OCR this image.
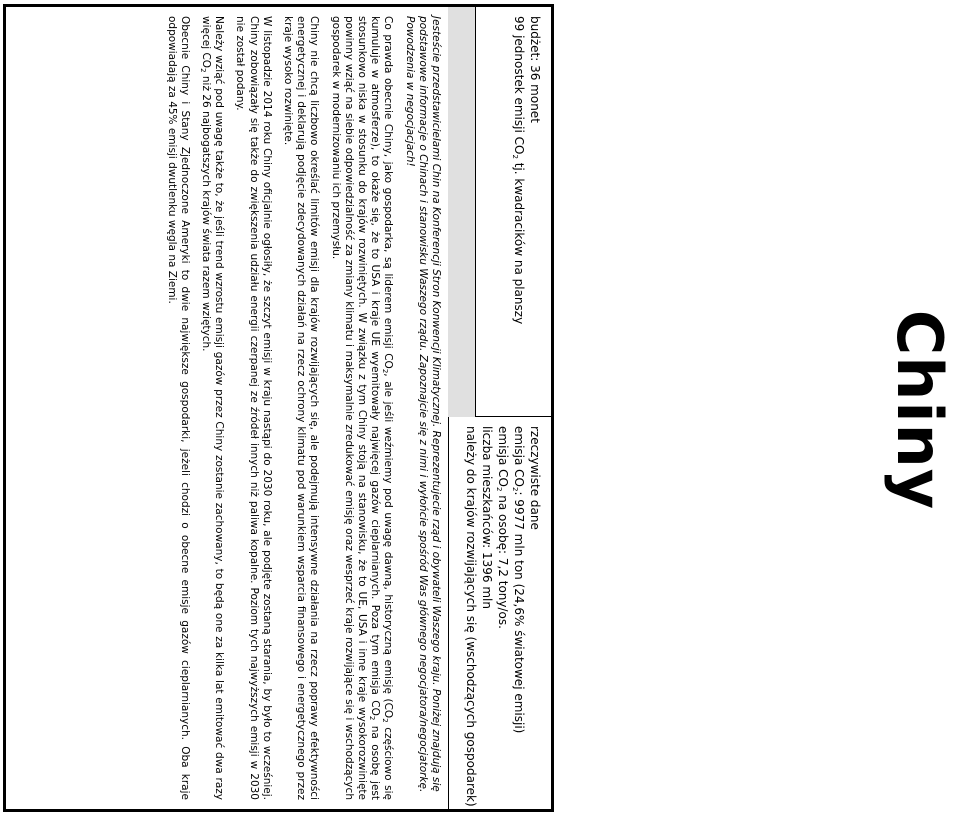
Chiny
budżet: 36 monet
99 jednostek emisji $CO_2$ tj. kwadracików na planszy
rzeczywiste dane
emisja $CO_2$: 9977 mln ton (24,6% światowej emisji)
emisja $CO_2$ na osobę: 7,2 tony/os.
liczba mieszkańców: 1396 mln
należy do krajów rozwijających się (wschodzących gospodarek)

Jesteście przedstawicielami Chin na Konferencji Stron Konwencji Klimatycznej. Reprezentujecie rząd i obywateli Waszego kraju. Poniżej znajdują się podstawowe informacje o Chinach i stanowisku Waszego rządu. Zapoznajcie się z nimi i wyłońcie spośród Was głównego negocjatora/negocjatorkę. Powodzenia w negocjacjach!

Co prawda obecnie Chiny, jako gospodarka, są liderem emisji $CO_2$, ale jeśli weźmiemy pod uwagę dawną, historyczną emisję ($CO_2$ częściowo się kumuluje w atmosferze), to okaże się, że to USA i kraje UE wyemitowały najwięcej gazów cieplarnianych. Poza tym emisja $CO_2$ na osobę jest stosunkowo niska w stosunku do krajów rozwiniętych. W związku z tym Chiny stoją na stanowisku, że to UE, USA i inne kraje wysokorozwinięte powinny wziąć na siebie odpowiedzialność za zmiany klimatu i maksymalnie zredukować emisję oraz wesprzeć kraje rozwijające się i wschodzących gospodarek w modernizowaniu ich przemysłu.

Chiny nie chcą liczbowo określać limitów emisji dla krajów rozwijających się, ale podejmują intensywne działania na rzecz poprawy efektywności energetycznej i deklarują podjęcie zdecydowanych działań na rzecz ochrony klimatu pod warunkiem wsparcia finansowego i energetycznego przez kraje wysoko rozwinięte.

W listopadzie 2014 roku Chiny oficjalnie ogłosiły, że szczyt emisji w kraju nastąpi do 2030 roku, ale podjęte zostaną starania, by było to wcześniej. Chiny zobowiązały się także do zwiększenia udziału energii czerpanej ze źródeł innych niż paliwa kopalne. Poziom tych najwyższych emisji w 2030 nie został podany.

Należy wziąć pod uwagę także to, że jeśli trend wzrostu emisji gazów przez Chiny zostanie zachowany, to będą one za kilka lat emitować dwa razy więcej $CO_2$ niż 26 najbogatszych krajów świata razem wziętych.

Obecnie Chiny i Stany Zjednoczone Ameryki to dwie największe gospodarki, jeżeli chodzi o obecne emisje gazów cieplarnianych. Oba kraje odpowiadają za 45% emisji dwutlenku węgla na Ziemi.
